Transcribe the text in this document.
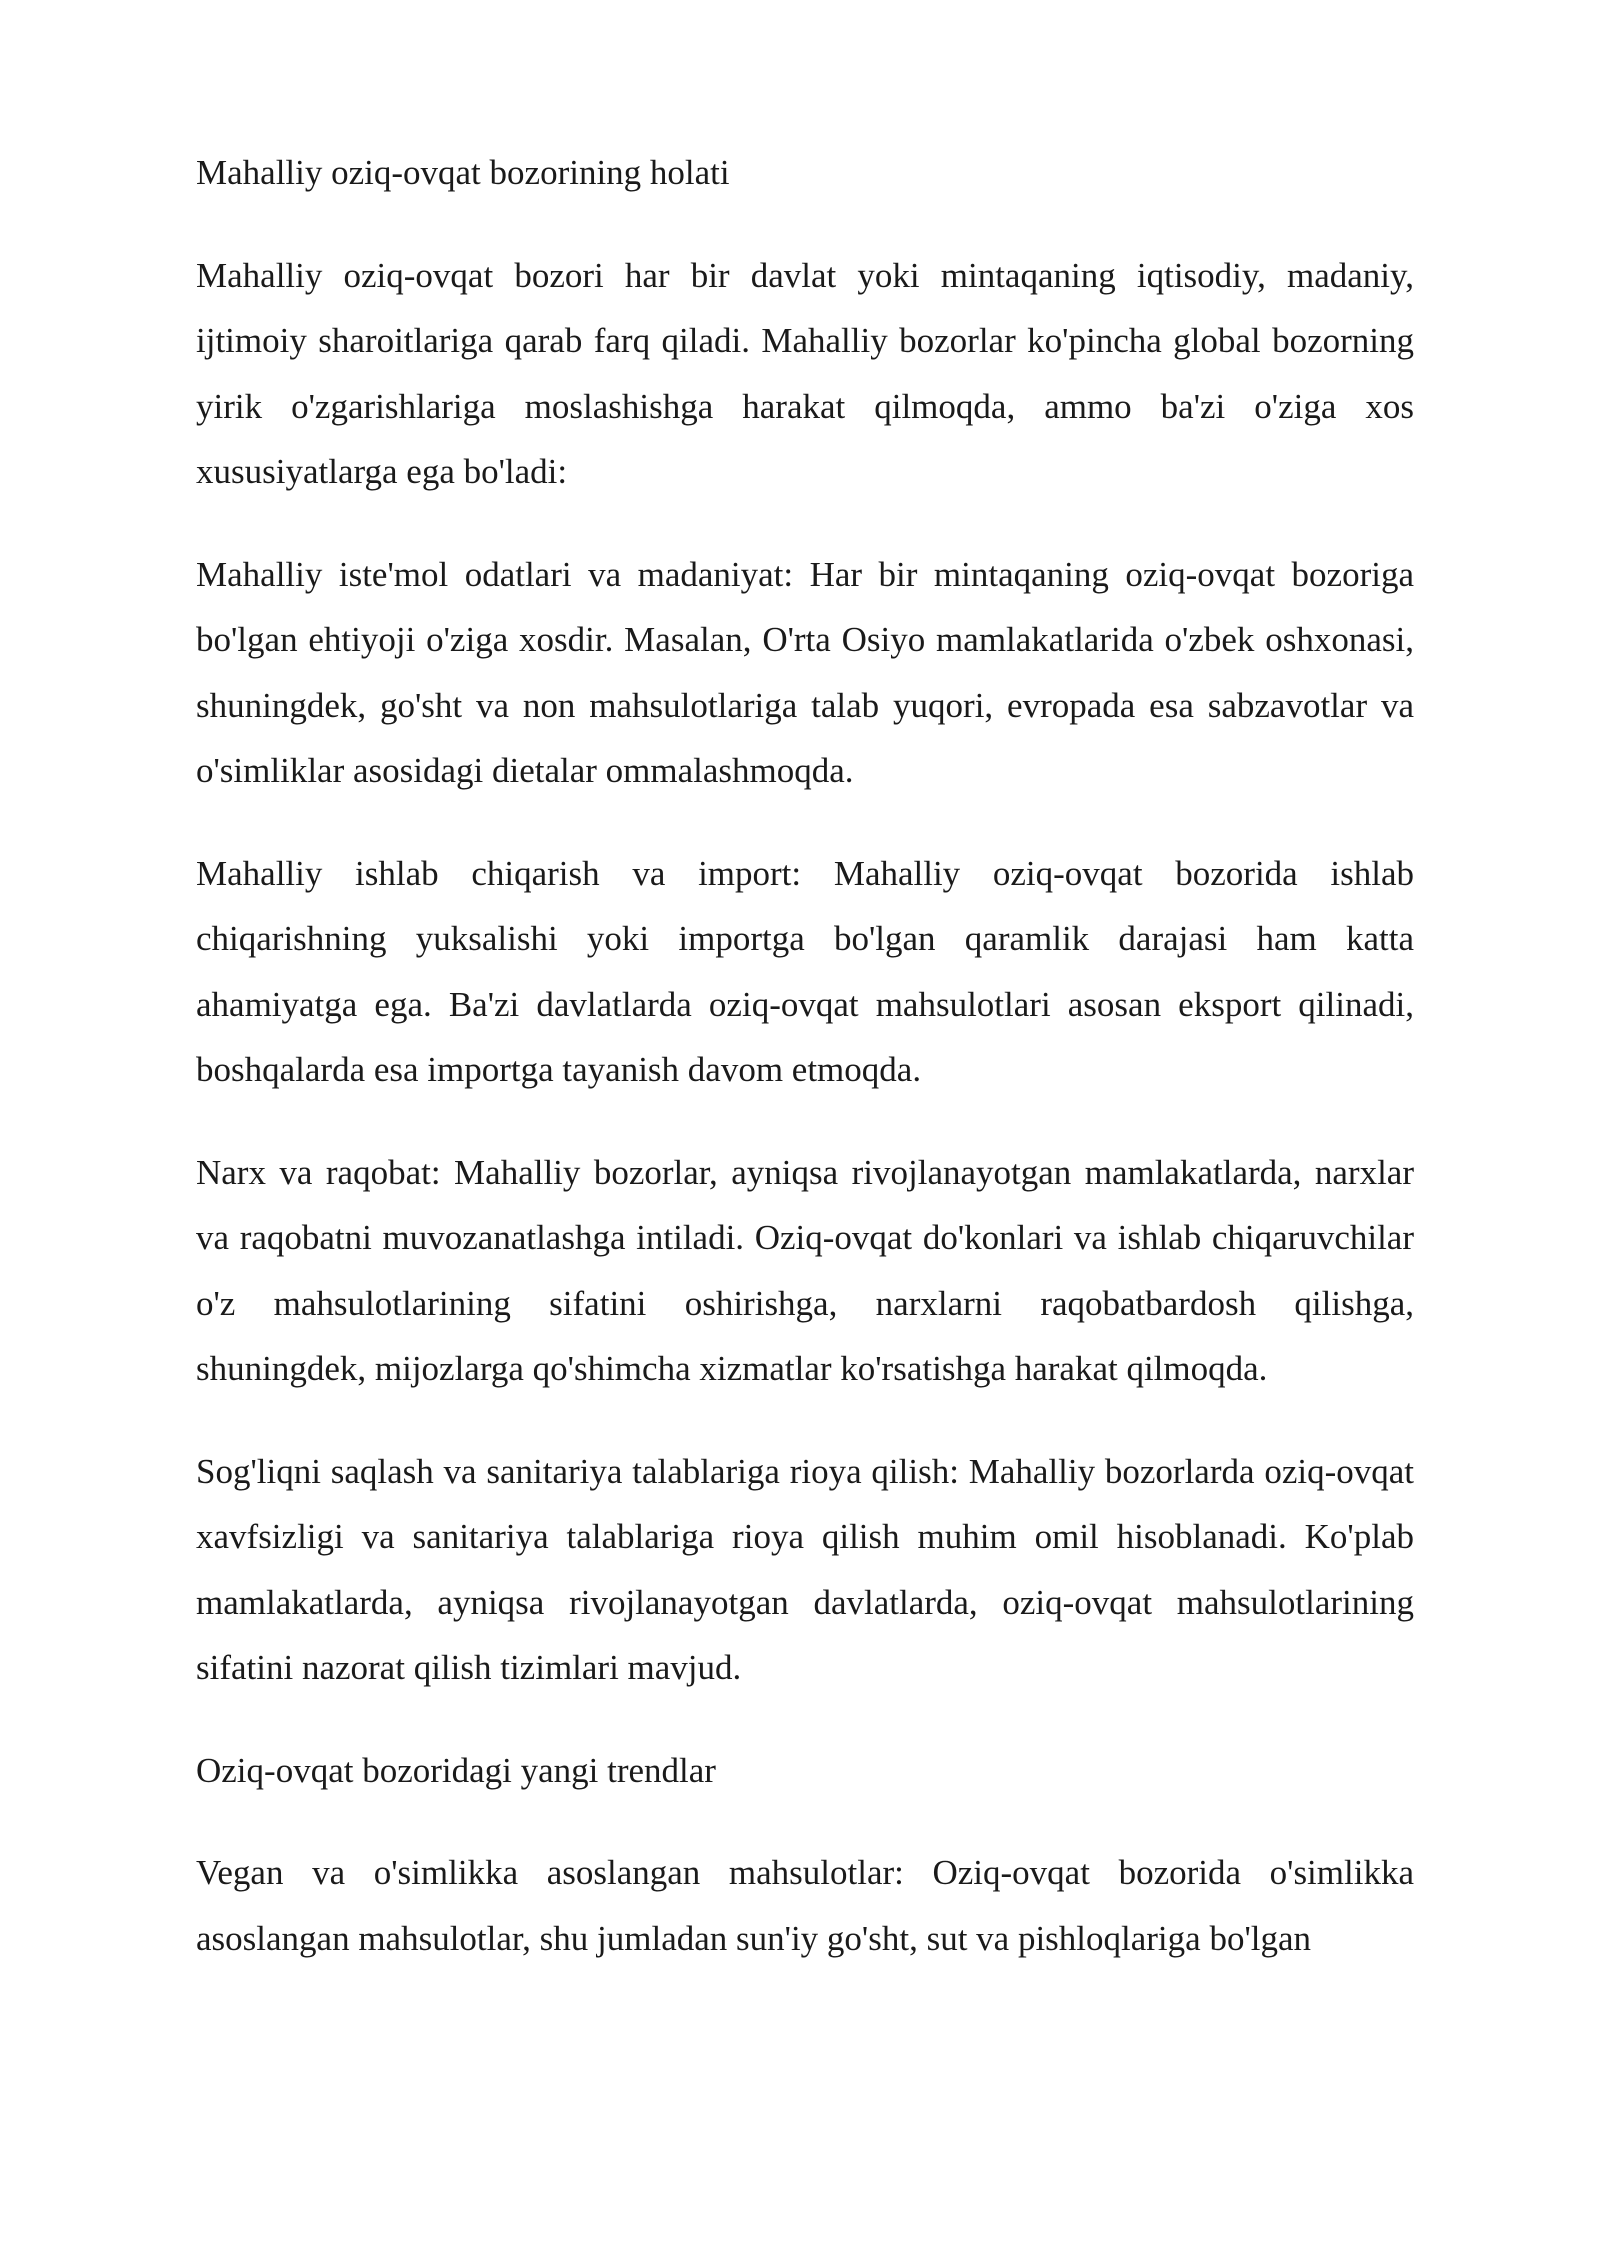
Mahalliy oziq-ovqat bozorining holati

Mahalliy oziq-ovqat bozori har bir davlat yoki mintaqaning iqtisodiy, madaniy, ijtimoiy sharoitlariga qarab farq qiladi. Mahalliy bozorlar ko'pincha global bozorning yirik o'zgarishlariga moslashishga harakat qilmoqda, ammo ba'zi o'ziga xos xususiyatlarga ega bo'ladi:

Mahalliy iste'mol odatlari va madaniyat: Har bir mintaqaning oziq-ovqat bozoriga bo'lgan ehtiyoji o'ziga xosdir. Masalan, O'rta Osiyo mamlakatlarida o'zbek oshxonasi, shuningdek, go'sht va non mahsulotlariga talab yuqori, evropada esa sabzavotlar va o'simliklar asosidagi dietalar ommalashmoqda.

Mahalliy ishlab chiqarish va import: Mahalliy oziq-ovqat bozorida ishlab chiqarishning yuksalishi yoki importga bo'lgan qaramlik darajasi ham katta ahamiyatga ega. Ba'zi davlatlarda oziq-ovqat mahsulotlari asosan eksport qilinadi, boshqalarda esa importga tayanish davom etmoqda.

Narx va raqobat: Mahalliy bozorlar, ayniqsa rivojlanayotgan mamlakatlarda, narxlar va raqobatni muvozanatlashga intiladi. Oziq-ovqat do'konlari va ishlab chiqaruvchilar o'z mahsulotlarining sifatini oshirishga, narxlarni raqobatbardosh qilishga, shuningdek, mijozlarga qo'shimcha xizmatlar ko'rsatishga harakat qilmoqda.

Sog'liqni saqlash va sanitariya talablariga rioya qilish: Mahalliy bozorlarda oziq-ovqat xavfsizligi va sanitariya talablariga rioya qilish muhim omil hisoblanadi. Ko'plab mamlakatlarda, ayniqsa rivojlanayotgan davlatlarda, oziq-ovqat mahsulotlarining sifatini nazorat qilish tizimlari mavjud.

Oziq-ovqat bozoridagi yangi trendlar

Vegan va o'simlikka asoslangan mahsulotlar: Oziq-ovqat bozorida o'simlikka asoslangan mahsulotlar, shu jumladan sun'iy go'sht, sut va pishloqlariga bo'lgan
